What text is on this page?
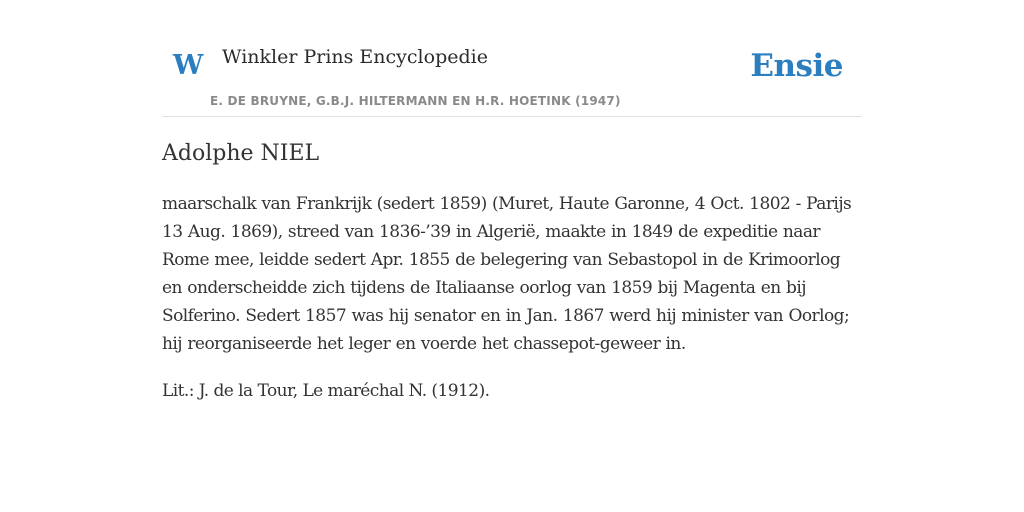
W Winkler Prins Encyclopedie
E. DE BRUYNE, G.B.J. HILTERMANN EN H.R. HOETINK (1947)
Ensie
Adolphe NIEL

maarschalk van Frankrijk (sedert 1859) (Muret, Haute Garonne, 4 Oct. 1802 - Parijs 13 Aug. 1869), streed van 1836-’39 in Algerië, maakte in 1849 de expeditie naar Rome mee, leidde sedert Apr. 1855 de belegering van Sebastopol in de Krimoorlog en onderscheidde zich tijdens de Italiaanse oorlog van 1859 bij Magenta en bij Solferino. Sedert 1857 was hij senator en in Jan. 1867 werd hij minister van Oorlog; hij reorganiseerde het leger en voerde het chassepot-geweer in.

Lit.: J. de la Tour, Le maréchal N. (1912).
